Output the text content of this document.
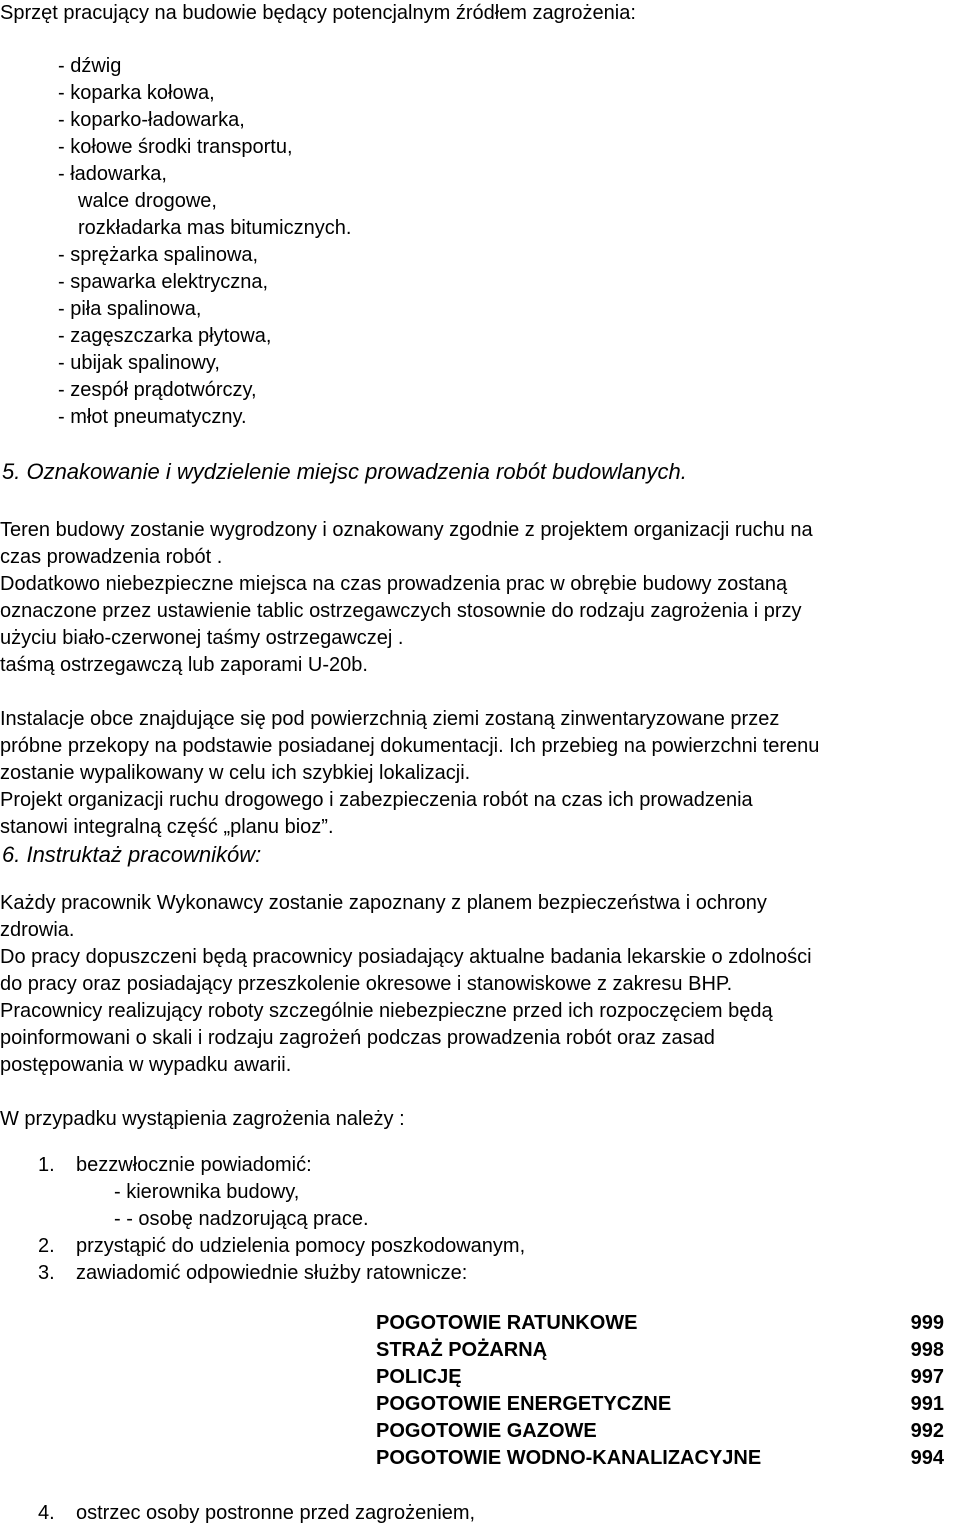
Sprzęt pracujący na budowie będący potencjalnym źródłem zagrożenia:
- dźwig
- koparka kołowa,
- koparko-ładowarka,
- kołowe środki transportu,
- ładowarka,
walce drogowe,
rozkładarka mas bitumicznych.
- sprężarka spalinowa,
- spawarka elektryczna,
- piła spalinowa,
- zagęszczarka płytowa,
- ubijak spalinowy,
- zespół prądotwórczy,
- młot pneumatyczny.
5. Oznakowanie i wydzielenie miejsc prowadzenia robót budowlanych.
Teren budowy zostanie wygrodzony i oznakowany zgodnie z projektem organizacji ruchu na
czas prowadzenia robót .
Dodatkowo niebezpieczne miejsca na czas prowadzenia prac w obrębie budowy zostaną
oznaczone przez ustawienie tablic ostrzegawczych stosownie do rodzaju zagrożenia i przy
użyciu biało-czerwonej taśmy ostrzegawczej .
taśmą ostrzegawczą lub zaporami U-20b.
Instalacje obce znajdujące się pod powierzchnią ziemi zostaną zinwentaryzowane przez
próbne przekopy na podstawie posiadanej dokumentacji. Ich przebieg na powierzchni terenu
zostanie wypalikowany w celu ich szybkiej lokalizacji.
Projekt organizacji ruchu drogowego i zabezpieczenia robót na czas ich prowadzenia
stanowi integralną część „planu bioz”.
6. Instruktaż pracowników:
Każdy pracownik Wykonawcy zostanie zapoznany z planem bezpieczeństwa i ochrony
zdrowia.
Do pracy dopuszczeni będą pracownicy posiadający aktualne badania lekarskie o zdolności
do pracy oraz posiadający przeszkolenie okresowe i stanowiskowe z zakresu BHP.
Pracownicy realizujący roboty szczególnie niebezpieczne przed ich rozpoczęciem będą
poinformowani o skali i rodzaju zagrożeń podczas prowadzenia robót oraz zasad
postępowania w wypadku awarii.
W przypadku wystąpienia zagrożenia należy :
1. bezzwłocznie powiadomić:
- kierownika budowy,
- - osobę nadzorującą prace.
2. przystąpić do udzielenia pomocy poszkodowanym,
3. zawiadomić odpowiednie służby ratownicze:
POGOTOWIE RATUNKOWE	999
STRAŻ POŻARNĄ	998
POLICJĘ	997
POGOTOWIE ENERGETYCZNE	991
POGOTOWIE GAZOWE	992
POGOTOWIE WODNO-KANALIZACYJNE	994
4. ostrzec osoby postronne przed zagrożeniem,
